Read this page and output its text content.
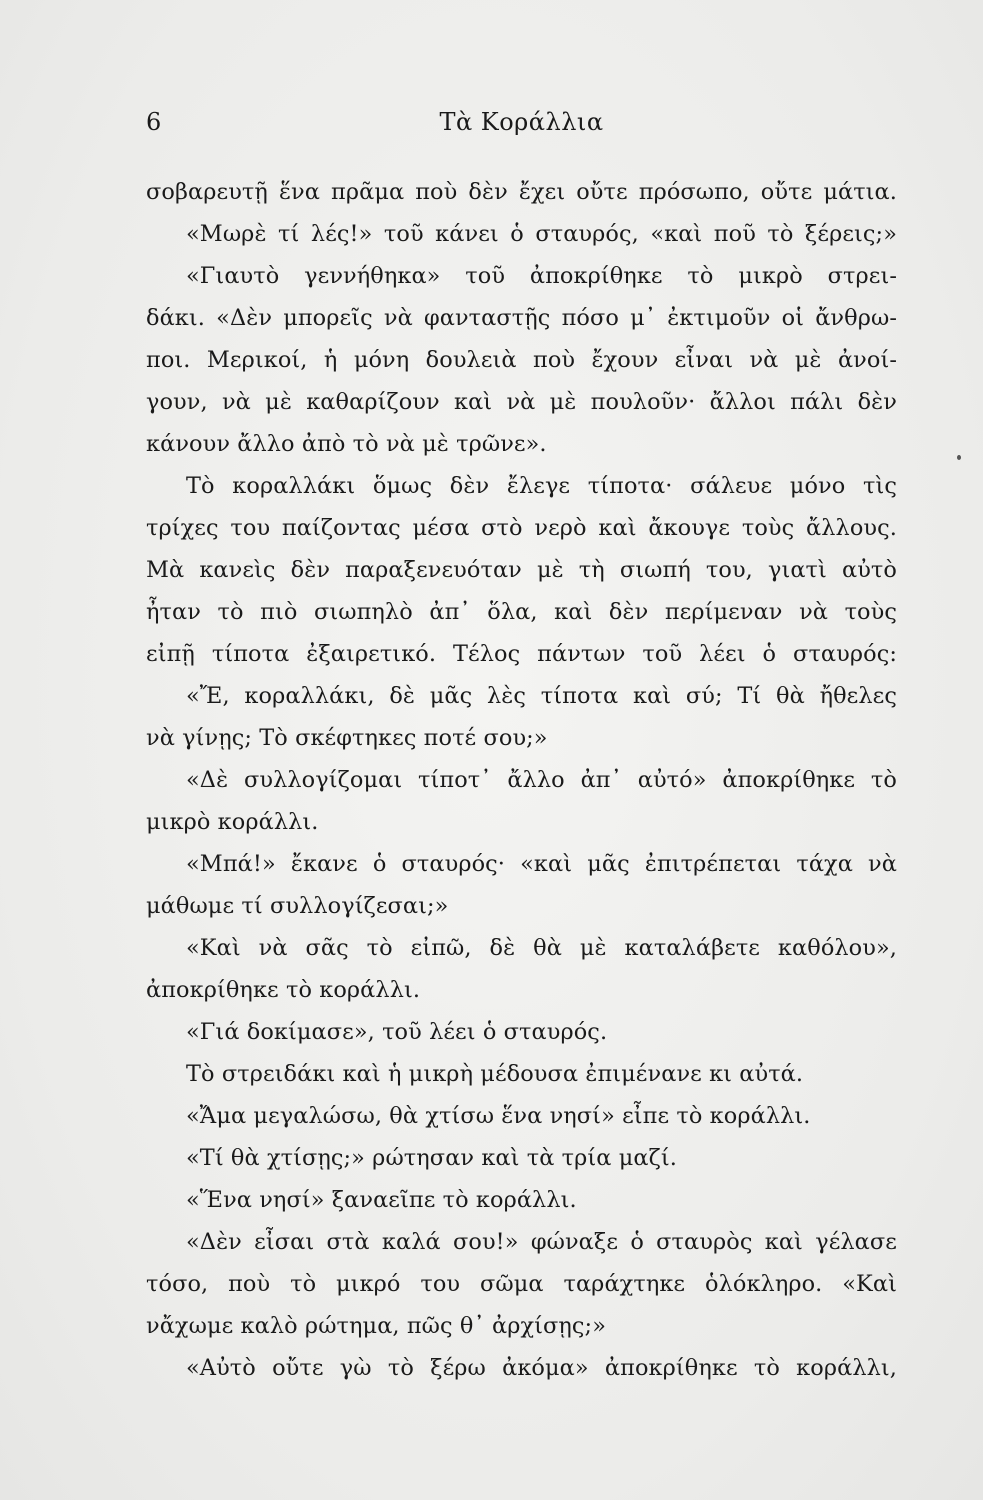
6	Τὰ Κοράλλια
σοβαρευτῇ ἕνα πρᾶμα ποὺ δὲν ἔχει οὔτε πρόσωπο, οὔτε μάτια.
«Μωρὲ τί λές!» τοῦ κάνει ὁ σταυρός, «καὶ ποῦ τὸ ξέρεις;»
«Γιαυτὸ γεννήθηκα» τοῦ ἀποκρίθηκε τὸ μικρὸ στρει-
δάκι. «Δὲν μπορεῖς νὰ φανταστῇς πόσο μ᾽ ἐκτιμοῦν οἱ ἄνθρω-
ποι. Μερικοί, ἡ μόνη δουλειὰ ποὺ ἔχουν εἶναι νὰ μὲ ἀνοί-
γουν, νὰ μὲ καθαρίζουν καὶ νὰ μὲ πουλοῦν· ἄλλοι πάλι δὲν
κάνουν ἄλλο ἀπὸ τὸ νὰ μὲ τρῶνε».
Τὸ κοραλλάκι ὅμως δὲν ἔλεγε τίποτα· σάλευε μόνο τὶς
τρίχες του παίζοντας μέσα στὸ νερὸ καὶ ἄκουγε τοὺς ἄλλους.
Μὰ κανεὶς δὲν παραξενευόταν μὲ τὴ σιωπή του, γιατὶ αὐτὸ
ἦταν τὸ πιὸ σιωπηλὸ ἀπ᾽ ὅλα, καὶ δὲν περίμεναν νὰ τοὺς
εἰπῇ τίποτα ἐξαιρετικό. Τέλος πάντων τοῦ λέει ὁ σταυρός:
«Ἔ, κοραλλάκι, δὲ μᾶς λὲς τίποτα καὶ σύ; Τί θὰ ἤθελες
νὰ γίνῃς; Τὸ σκέφτηκες ποτέ σου;»
«Δὲ συλλογίζομαι τίποτ᾽ ἄλλο ἀπ᾽ αὐτό» ἀποκρίθηκε τὸ
μικρὸ κοράλλι.
«Μπά!» ἔκανε ὁ σταυρός· «καὶ μᾶς ἐπιτρέπεται τάχα νὰ
μάθωμε τί συλλογίζεσαι;»
«Καὶ νὰ σᾶς τὸ εἰπῶ, δὲ θὰ μὲ καταλάβετε καθόλου»,
ἀποκρίθηκε τὸ κοράλλι.
«Γιά δοκίμασε», τοῦ λέει ὁ σταυρός.
Τὸ στρειδάκι καὶ ἡ μικρὴ μέδουσα ἐπιμένανε κι αὐτά.
«Ἄμα μεγαλώσω, θὰ χτίσω ἕνα νησί» εἶπε τὸ κοράλλι.
«Τί θὰ χτίσῃς;» ρώτησαν καὶ τὰ τρία μαζί.
«Ἕνα νησί» ξαναεῖπε τὸ κοράλλι.
«Δὲν εἶσαι στὰ καλά σου!» φώναξε ὁ σταυρὸς καὶ γέλασε
τόσο, ποὺ τὸ μικρό του σῶμα ταράχτηκε ὁλόκληρο. «Καὶ
νἄχωμε καλὸ ρώτημα, πῶς θ᾽ ἀρχίσῃς;»
«Αὐτὸ οὔτε γὼ τὸ ξέρω ἀκόμα» ἀποκρίθηκε τὸ κοράλλι,
